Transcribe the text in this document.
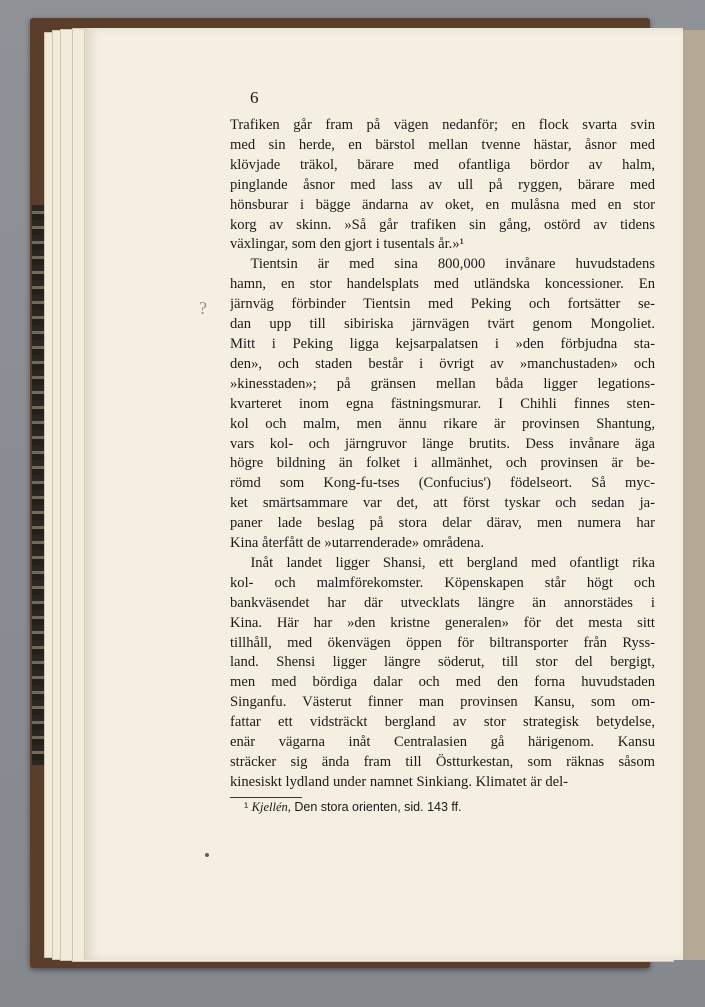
6
?
Trafiken går fram på vägen nedanför; en flock svarta svin
med sin herde, en bärstol mellan tvenne hästar, åsnor med
klövjade träkol, bärare med ofantliga bördor av halm,
pinglande åsnor med lass av ull på ryggen, bärare med
hönsburar i bägge ändarna av oket, en mulåsna med en stor
korg av skinn. »Så går trafiken sin gång, ostörd av tidens
växlingar, som den gjort i tusentals år.»¹
Tientsin är med sina 800,000 invånare huvudstadens
hamn, en stor handelsplats med utländska koncessioner. En
järnväg förbinder Tientsin med Peking och fortsätter se-
dan upp till sibiriska järnvägen tvärt genom Mongoliet.
Mitt i Peking ligga kejsarpalatsen i »den förbjudna sta-
den», och staden består i övrigt av »manchustaden» och
»kinesstaden»; på gränsen mellan båda ligger legations-
kvarteret inom egna fästningsmurar. I Chihli finnes sten-
kol och malm, men ännu rikare är provinsen Shantung,
vars kol- och järngruvor länge brutits. Dess invånare äga
högre bildning än folket i allmänhet, och provinsen är be-
römd som Kong-fu-tses (Confucius') födelseort. Så myc-
ket smärtsammare var det, att först tyskar och sedan ja-
paner lade beslag på stora delar därav, men numera har
Kina återfått de »utarrenderade» områdena.
Inåt landet ligger Shansi, ett bergland med ofantligt rika
kol- och malmförekomster. Köpenskapen står högt och
bankväsendet har där utvecklats längre än annorstädes i
Kina. Här har »den kristne generalen» för det mesta sitt
tillhåll, med ökenvägen öppen för biltransporter från Ryss-
land. Shensi ligger längre söderut, till stor del bergigt,
men med bördiga dalar och med den forna huvudstaden
Singanfu. Västerut finner man provinsen Kansu, som om-
fattar ett vidsträckt bergland av stor strategisk betydelse,
enär vägarna inåt Centralasien gå härigenom. Kansu
sträcker sig ända fram till Östturkestan, som räknas såsom
kinesiskt lydland under namnet Sinkiang. Klimatet är del-
¹ Kjellén, Den stora orienten, sid. 143 ff.
